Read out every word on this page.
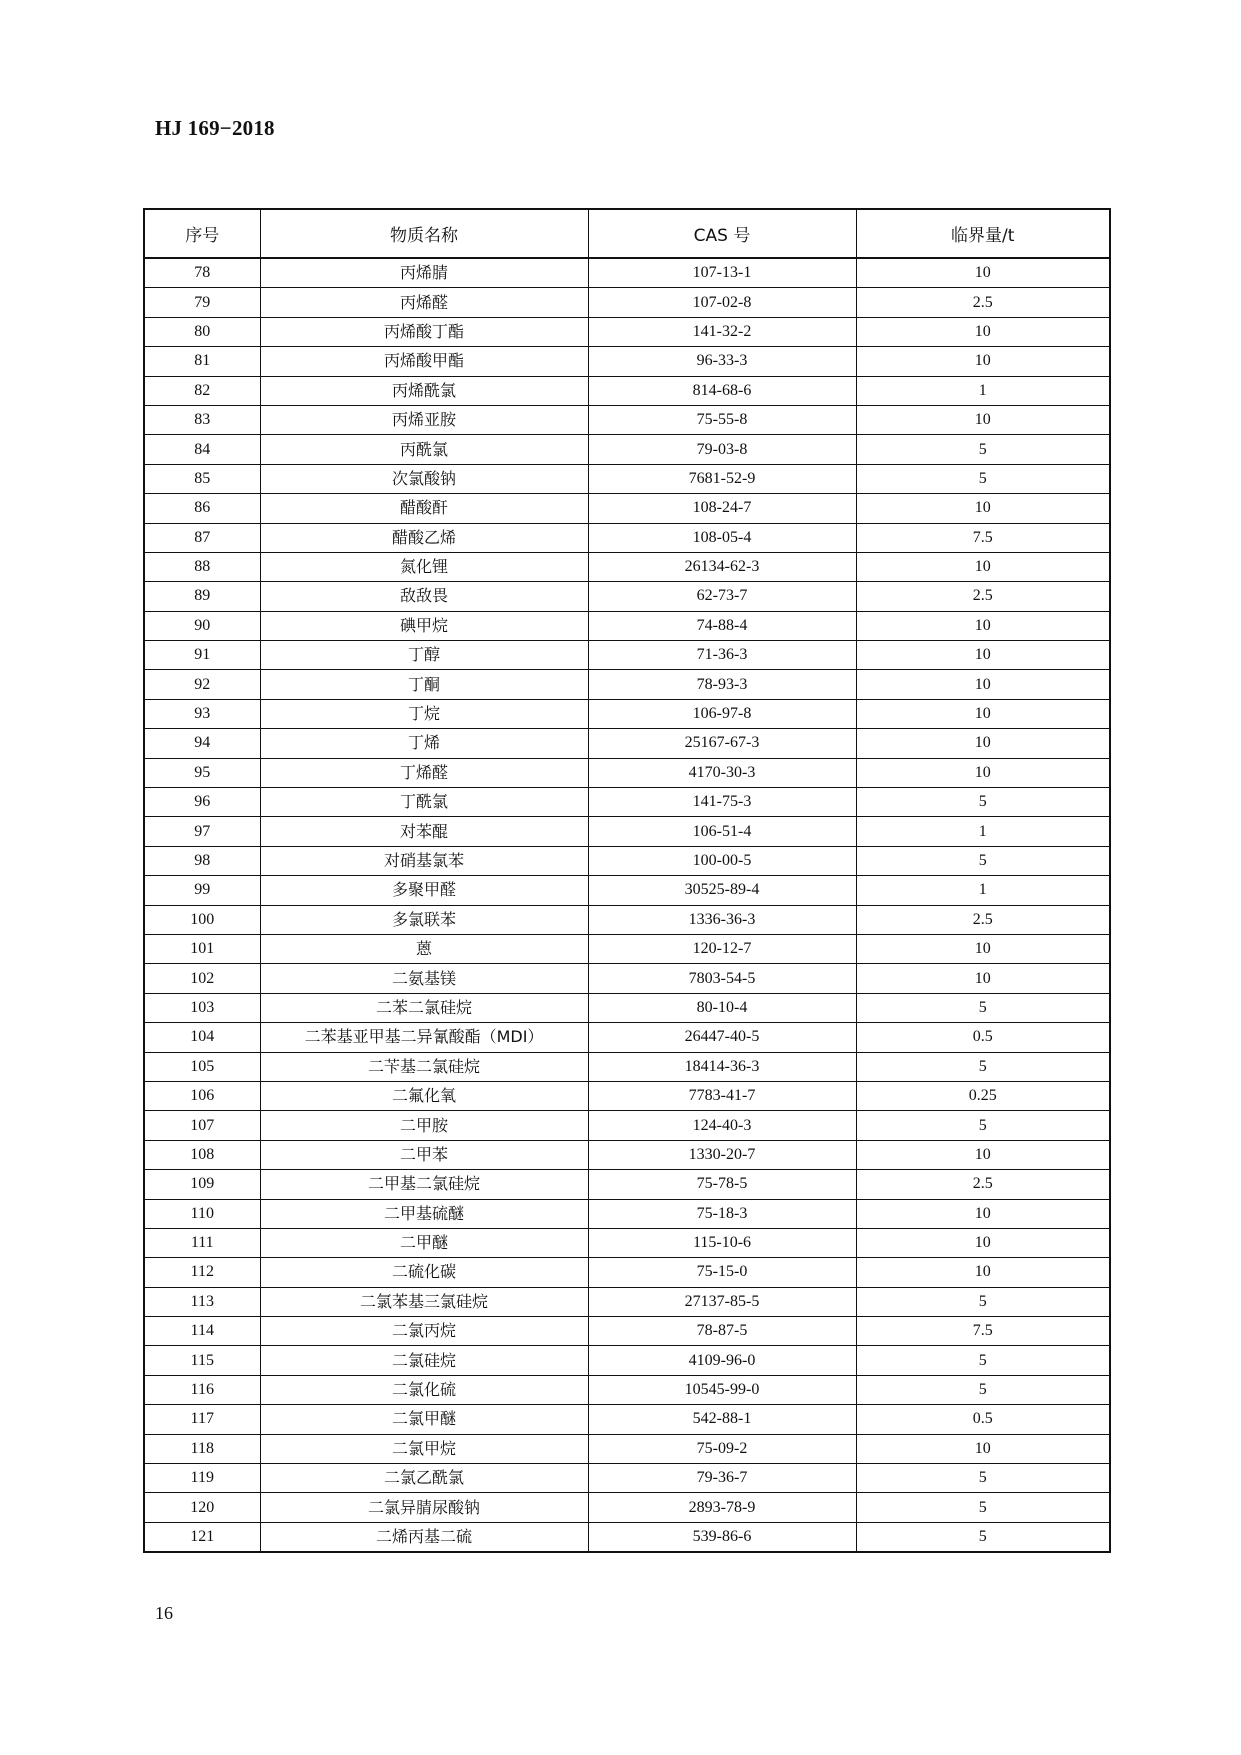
HJ 169−2018
序号	物质名称	CAS 号	临界量/t
78	丙烯腈	107-13-1	10
79	丙烯醛	107-02-8	2.5
80	丙烯酸丁酯	141-32-2	10
81	丙烯酸甲酯	96-33-3	10
82	丙烯酰氯	814-68-6	1
83	丙烯亚胺	75-55-8	10
84	丙酰氯	79-03-8	5
85	次氯酸钠	7681-52-9	5
86	醋酸酐	108-24-7	10
87	醋酸乙烯	108-05-4	7.5
88	氮化锂	26134-62-3	10
89	敌敌畏	62-73-7	2.5
90	碘甲烷	74-88-4	10
91	丁醇	71-36-3	10
92	丁酮	78-93-3	10
93	丁烷	106-97-8	10
94	丁烯	25167-67-3	10
95	丁烯醛	4170-30-3	10
96	丁酰氯	141-75-3	5
97	对苯醌	106-51-4	1
98	对硝基氯苯	100-00-5	5
99	多聚甲醛	30525-89-4	1
100	多氯联苯	1336-36-3	2.5
101	蒽	120-12-7	10
102	二氨基镁	7803-54-5	10
103	二苯二氯硅烷	80-10-4	5
104	二苯基亚甲基二异氰酸酯（MDI）	26447-40-5	0.5
105	二苄基二氯硅烷	18414-36-3	5
106	二氟化氧	7783-41-7	0.25
107	二甲胺	124-40-3	5
108	二甲苯	1330-20-7	10
109	二甲基二氯硅烷	75-78-5	2.5
110	二甲基硫醚	75-18-3	10
111	二甲醚	115-10-6	10
112	二硫化碳	75-15-0	10
113	二氯苯基三氯硅烷	27137-85-5	5
114	二氯丙烷	78-87-5	7.5
115	二氯硅烷	4109-96-0	5
116	二氯化硫	10545-99-0	5
117	二氯甲醚	542-88-1	0.5
118	二氯甲烷	75-09-2	10
119	二氯乙酰氯	79-36-7	5
120	二氯异腈尿酸钠	2893-78-9	5
121	二烯丙基二硫	539-86-6	5
16
